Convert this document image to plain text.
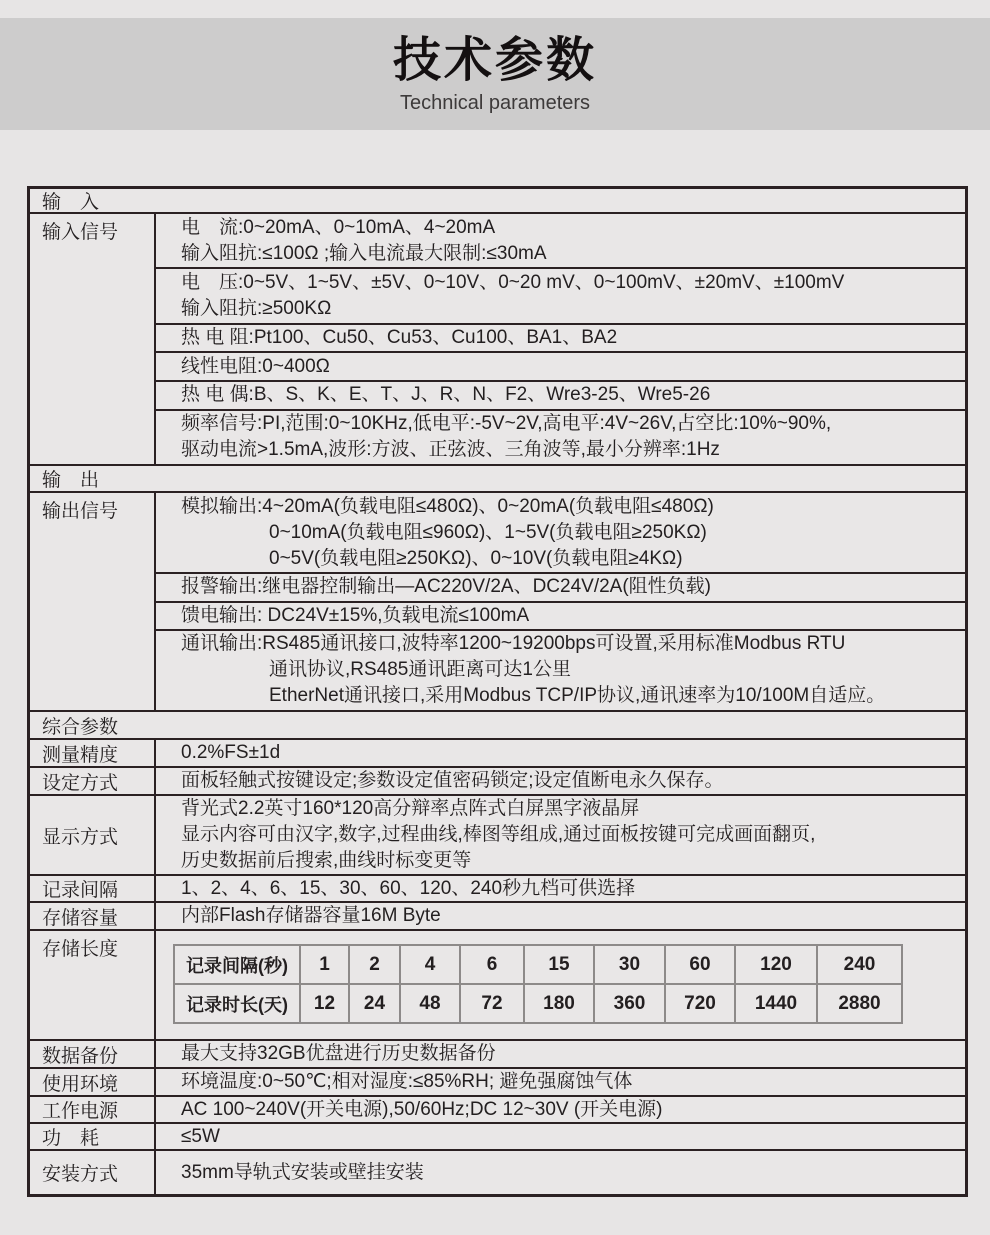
技术参数
Technical parameters
输　入
输入信号	电　流:0~20mA、0~10mA、4~20mA
输入阻抗:≤100Ω ;输入电流最大限制:≤30mA
电　压:0~5V、1~5V、±5V、0~10V、0~20 mV、0~100mV、±20mV、±100mV
输入阻抗:≥500KΩ
热 电 阻:Pt100、Cu50、Cu53、Cu100、BA1、BA2
线性电阻:0~400Ω
热 电 偶:B、S、K、E、T、J、R、N、F2、Wre3-25、Wre5-26
频率信号:PI,范围:0~10KHz,低电平:-5V~2V,高电平:4V~26V,占空比:10%~90%,
驱动电流>1.5mA,波形:方波、正弦波、三角波等,最小分辨率:1Hz
输　出
输出信号	模拟输出:4~20mA(负载电阻≤480Ω)、0~20mA(负载电阻≤480Ω)
0~10mA(负载电阻≤960Ω)、1~5V(负载电阻≥250KΩ)
0~5V(负载电阻≥250KΩ)、0~10V(负载电阻≥4KΩ)
报警输出:继电器控制输出—AC220V/2A、DC24V/2A(阻性负载)
馈电输出: DC24V±15%,负载电流≤100mA
通讯输出:RS485通讯接口,波特率1200~19200bps可设置,采用标准Modbus RTU
通讯协议,RS485通讯距离可达1公里
EtherNet通讯接口,采用Modbus TCP/IP协议,通讯速率为10/100M自适应。
综合参数
测量精度	0.2%FS±1d
设定方式	面板轻触式按键设定;参数设定值密码锁定;设定值断电永久保存。
显示方式
背光式2.2英寸160*120高分辩率点阵式白屏黑字液晶屏
显示内容可由汉字,数字,过程曲线,棒图等组成,通过面板按键可完成画面翻页,
历史数据前后搜索,曲线时标变更等
记录间隔	1、2、4、6、15、30、60、120、240秒九档可供选择
存储容量	内部Flash存储器容量16M Byte
存储长度
记录间隔(秒)	1	2	4	6	15	30	60	120	240
记录时长(天)	12	24	48	72	180	360	720	1440	2880
数据备份	最大支持32GB优盘进行历史数据备份
使用环境	环境温度:0~50℃;相对湿度:≤85%RH; 避免强腐蚀气体
工作电源	AC 100~240V(开关电源),50/60Hz;DC 12~30V (开关电源)
功　耗	≤5W
安装方式	35mm导轨式安装或壁挂安装
